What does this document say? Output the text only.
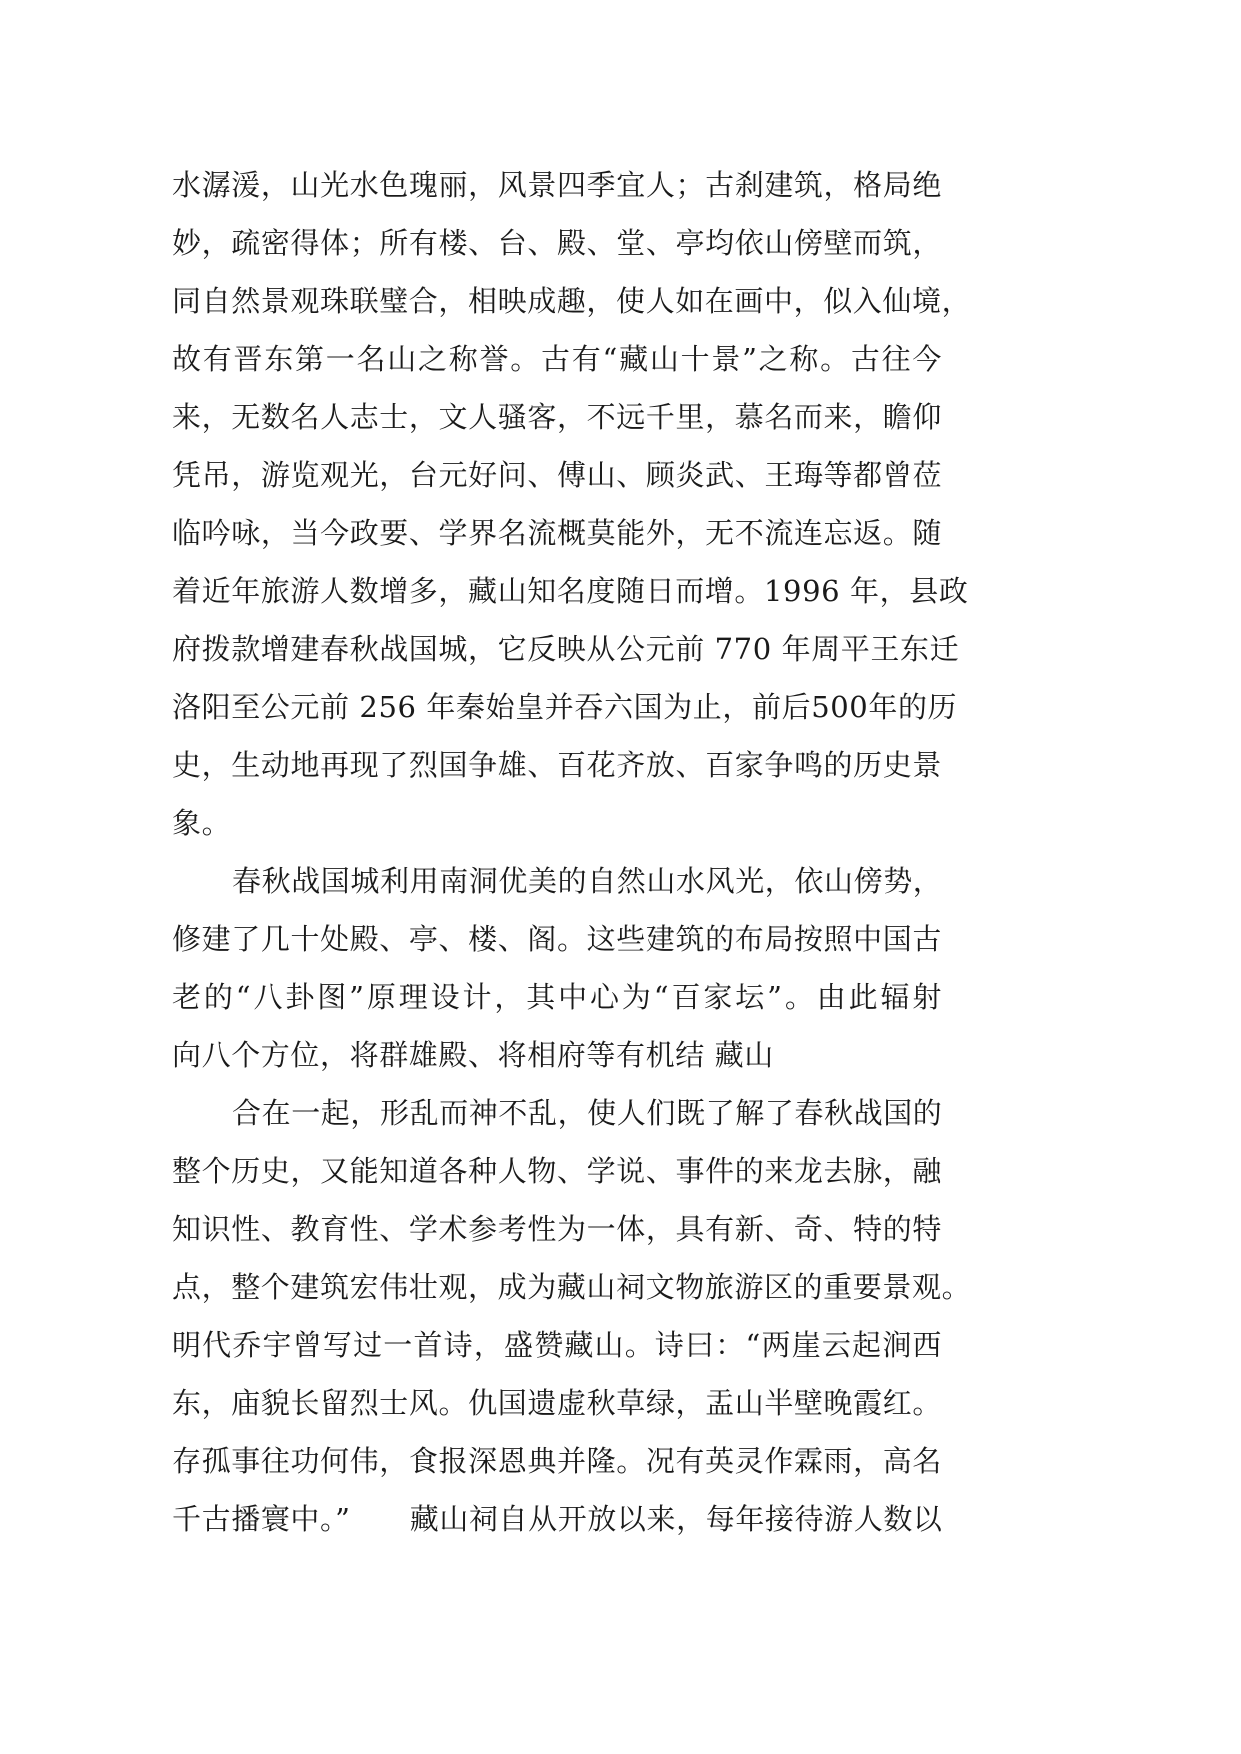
水潺湲，山光水色瑰丽，风景四季宜人；古刹建筑，格局绝
妙，疏密得体；所有楼、台、殿、堂、亭均依山傍壁而筑，
同自然景观珠联璧合，相映成趣，使人如在画中，似入仙境，
故有晋东第一名山之称誉。古有“藏山十景”之称。古往今
来，无数名人志士，文人骚客，不远千里，慕名而来，瞻仰
凭吊，游览观光，台元好问、傅山、顾炎武、王珻等都曾莅
临吟咏，当今政要、学界名流概莫能外，无不流连忘返。随
着近年旅游人数增多，藏山知名度随日而增。1996 年，县政
府拨款增建春秋战国城，它反映从公元前 770 年周平王东迁
洛阳至公元前 256 年秦始皇并吞六国为止，前后500年的历
史，生动地再现了烈国争雄、百花齐放、百家争鸣的历史景
象。
春秋战国城利用南洞优美的自然山水风光，依山傍势，
修建了几十处殿、亭、楼、阁。这些建筑的布局按照中国古
老的“八卦图”原理设计，其中心为“百家坛”。由此辐射
向八个方位，将群雄殿、将相府等有机结 藏山
合在一起，形乱而神不乱，使人们既了解了春秋战国的
整个历史，又能知道各种人物、学说、事件的来龙去脉，融
知识性、教育性、学术参考性为一体，具有新、奇、特的特
点，整个建筑宏伟壮观，成为藏山祠文物旅游区的重要景观。
明代乔宇曾写过一首诗，盛赞藏山。诗曰：“两崖云起涧西
东，庙貌长留烈士风。仇国遗虚秋草绿，盂山半壁晚霞红。
存孤事往功何伟，食报深恩典并隆。况有英灵作霖雨，高名
千古播寰中。”　　藏山祠自从开放以来，每年接待游人数以
